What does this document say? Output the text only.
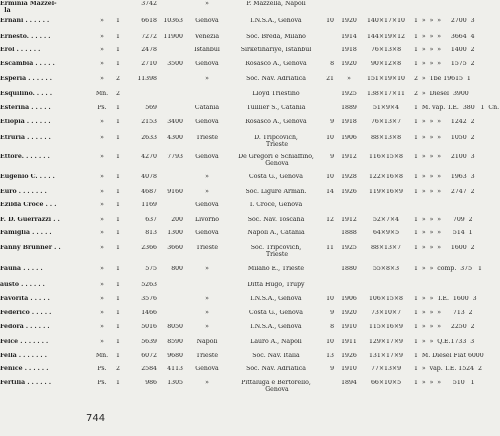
Erminia Mazzel-
la
3742	»	P. Mazzella, Napoli
Ernani . . . . . .	»	1	6618	10363	Genova	I.N.S.A., Genova	10 1920	140×17×10	1  »  »  »     2700  3
Ernesto. . . . . .	»	1	7272	11900	Venezia	Soc. Breda, Milano	1914	144×19×12	1  »  »  »     3664  4
Erol . . . . . .	»	1	2478	Istanbul	Sirketihariye, Istanbul	1918	76×13×8	1  »  »  »     1400  2
Escambia . . . . .	»	1	2710	3500	Genova	Rosasco A., Genova	8 1920	90×12×8	1  »  »  »     1575  2
Esperia . . . . . .	»	2	11398	»	Soc. Nav. Adriatica	21	»	151×19×10	2  »  Tbe 19615  1
Esquilino. . . . .	Mn.	2	Lloyd Triestino	1925	138×17×11	2  »  Diesel  3900
Esterina . . . . .	Ps.	1	569	Catania	Tuillier S., Catania	1889	51×9×4	1  M. vap. T.E.  380   1  Cn.
Etiopia . . . . . .	»	1	2153	3400	Genova	Rosasco A., Genova	9 1918	76×13×7	1  »  »  »     1242  2
Etruria . . . . . .	»	1	2633	4300	Trieste	D. Tripcovich,
Trieste
10 1906	88×13×8	1  »  »  »     1050  2
Ettore. . . . . . .	»	1	4270	7793	Genova	De Gregori e Schiaffino,
Genova
9 1912	116×15×8	1  »  »  »     2100  3
Eugenio C. . . . .	»	1	4078	»	Costa G., Genova	10 1928	122×16×8	1  »  »  »     1963  3
Euro . . . . . . .	»	1	4687	9160	»	Soc. Ligure Arman.	14 1926	119×16×9	1  »  »  »     2747  2
Ezilda Croce . . .	»	1	1169	Genova	I. Croce, Genova
F. D. Guerrazzi . .	»	1	637	200	Livorno	Soc. Nav. Toscana	12 1912	52×7×4	1  »  »  »      709  2
Famiglia . . . . .	»	1	813	1300	Genova	Napoli A., Catania	1888	64×9×5	1  »  »  »      514  1
Fanny Brunner . .	»	1	2366	3660	Trieste	Soc. Tripcovich,
Trieste
11 1925	88×13×7	1  »  »  »     1600  2
Fauna . . . . .	»	1	575	800	»	Milano E., Trieste	1880	55×8×3	1  »  »  comp.  375   1
austo . . . . . .	»	1	5263	Ditta Hugo, Trupy
Favorita . . . . .	»	1	3576	»	I.N.S.A., Genova	10 1906	106×15×8	1  »  »  T.E.  1600  3
Federico . . . . .	»	1	1466	»	Costa G., Genova	9 1920	73×10×7	1  »  »  »      713  2
Fedora . . . . . .	»	1	5016	8050	»	I.N.S.A., Genova	8 1910	115×16×9	1  »  »  »     2250  2
Felce . . . . . . .	»	1	5639	8590	Napoli	Lauro A., Napoli	10 1911	129×17×9	1  »  »  Q.E.1733  3
Fella . . . . . . .	Mn.	1	6072	9680	Trieste	Soc. Nav. Italia	13 1926	131×17×9	1  M. Diesel Fiat 6000
Fenice . . . . . .	Ps.	2	2584	4113	Genova	Soc. Nav. Adriatica	9 1910	77×13×9	1  »  vap. T.E. 1524  2
Fertilia . . . . . .	Ps.	1	986	1305	»	Pittaluga e Bertorello,
Genova
1894	66×10×5	1  »  »  »      510   1
744
